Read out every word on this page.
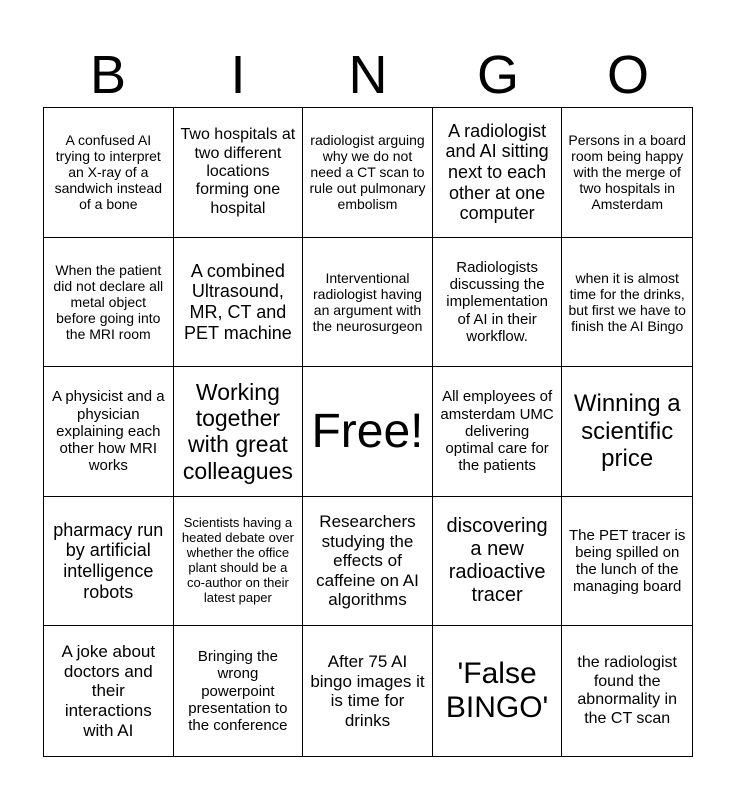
B	I	N	G	O
A confused AI trying to interpret an X-ray of a sandwich instead of a bone
Two hospitals at two different locations forming one hospital
radiologist arguing why we do not need a CT scan to rule out pulmonary embolism
A radiologist and AI sitting next to each other at one computer
Persons in a board room being happy with the merge of two hospitals in Amsterdam
When the patient did not declare all metal object before going into the MRI room
A combined Ultrasound, MR, CT and PET machine
Interventional radiologist having an argument with the neurosurgeon
Radiologists discussing the implementation of AI in their workflow.
when it is almost time for the drinks, but first we have to finish the AI Bingo
A physicist and a physician explaining each other how MRI works
Working together with great colleagues
Free!
All employees of amsterdam UMC delivering optimal care for the patients
Winning a scientific price
pharmacy run by artificial intelligence robots
Scientists having a heated debate over whether the office plant should be a co-author on their latest paper
Researchers studying the effects of caffeine on AI algorithms
discovering a new radioactive tracer
The PET tracer is being spilled on the lunch of the managing board
A joke about doctors and their interactions with AI
Bringing the wrong powerpoint presentation to the conference
After 75 AI bingo images it is time for drinks
'False BINGO'
the radiologist found the abnormality in the CT scan
